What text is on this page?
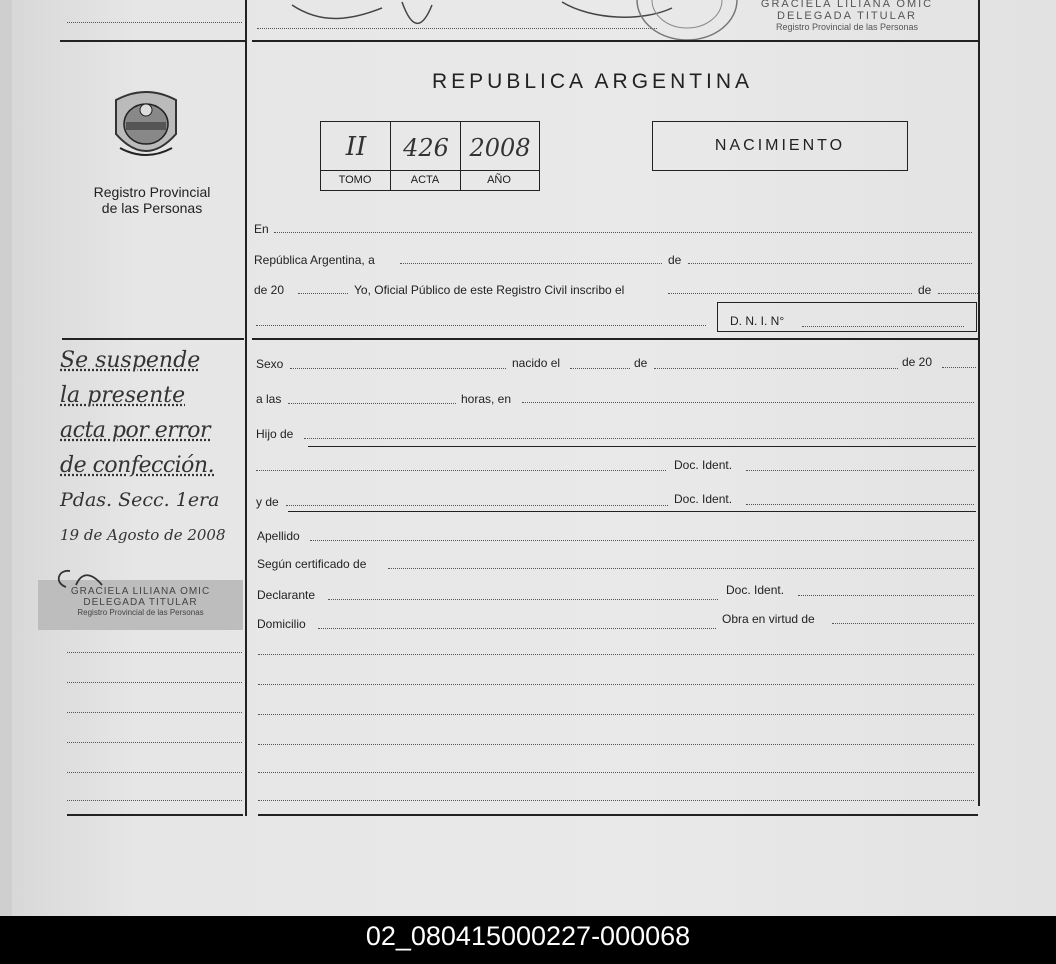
GRACIELA LILIANA OMIC
DELEGADA TITULAR
Registro Provincial de las Personas
Registro Provincial
de las Personas
Se suspende
la presente
acta por error
de confección.
Pdas. Secc. 1era
19 de Agosto de 2008
GRACIELA LILIANA OMIC
DELEGADA TITULAR
Registro Provincial de las Personas
REPUBLICA ARGENTINA
II	426 2008
TOMO	ACTA	AÑO
NACIMIENTO
En
República Argentina, a	de
de 20	Yo, Oficial Público de este Registro Civil inscribo el	de
D. N. I. N°
Sexo	nacido el	de	de 20
a las	horas, en
Hijo de
Doc. Ident.
y de	Doc. Ident.
Apellido
Según certificado de
Declarante	Doc. Ident.
Domicilio	Obra en virtud de
02_080415000227-000068
